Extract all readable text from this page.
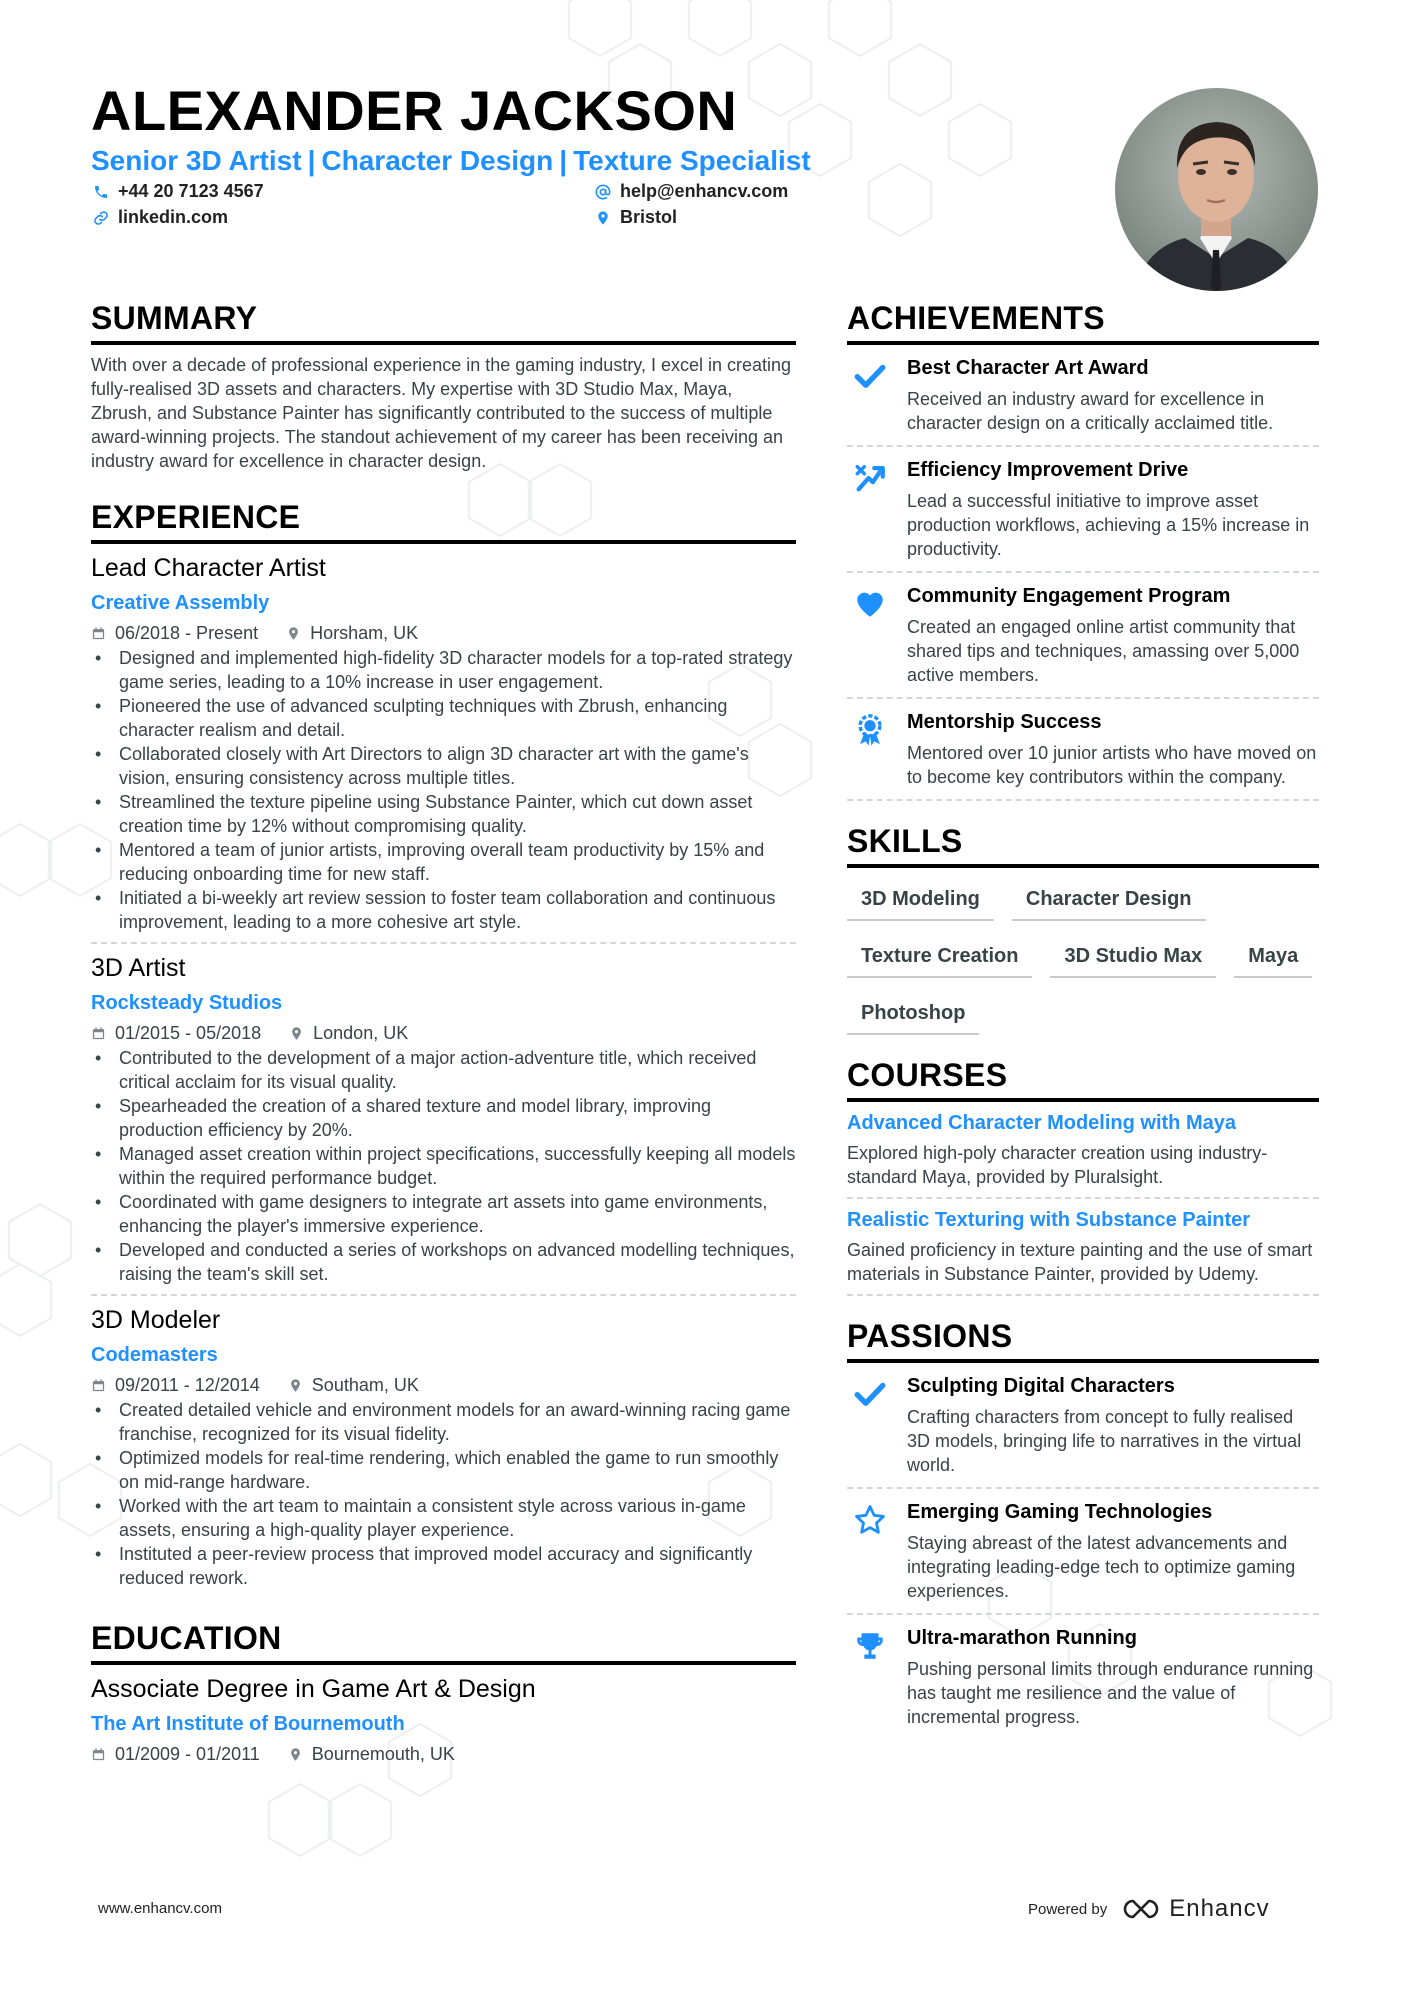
ALEXANDER JACKSON
Senior 3D Artist | Character Design | Texture Specialist
+44 20 7123 4567	help@enhancv.com
linkedin.com	Bristol
SUMMARY

With over a decade of professional experience in the gaming industry, I excel in creating fully-realised 3D assets and characters. My expertise with 3D Studio Max, Maya, Zbrush, and Substance Painter has significantly contributed to the success of multiple award-winning projects. The standout achievement of my career has been receiving an industry award for excellence in character design.

EXPERIENCE

Lead Character Artist

Creative Assembly

06/2018 - Present	Horsham, UK
• Designed and implemented high-fidelity 3D character models for a top-rated strategy game series, leading to a 10% increase in user engagement.
• Pioneered the use of advanced sculpting techniques with Zbrush, enhancing character realism and detail.
• Collaborated closely with Art Directors to align 3D character art with the game's vision, ensuring consistency across multiple titles.
• Streamlined the texture pipeline using Substance Painter, which cut down asset creation time by 12% without compromising quality.
• Mentored a team of junior artists, improving overall team productivity by 15% and reducing onboarding time for new staff.
• Initiated a bi-weekly art review session to foster team collaboration and continuous improvement, leading to a more cohesive art style.

3D Artist

Rocksteady Studios

01/2015 - 05/2018	London, UK
• Contributed to the development of a major action-adventure title, which received critical acclaim for its visual quality.
• Spearheaded the creation of a shared texture and model library, improving production efficiency by 20%.
• Managed asset creation within project specifications, successfully keeping all models within the required performance budget.
• Coordinated with game designers to integrate art assets into game environments, enhancing the player's immersive experience.
• Developed and conducted a series of workshops on advanced modelling techniques, raising the team's skill set.

3D Modeler

Codemasters

09/2011 - 12/2014	Southam, UK
• Created detailed vehicle and environment models for an award-winning racing game franchise, recognized for its visual fidelity.
• Optimized models for real-time rendering, which enabled the game to run smoothly on mid-range hardware.
• Worked with the art team to maintain a consistent style across various in-game assets, ensuring a high-quality player experience.
• Instituted a peer-review process that improved model accuracy and significantly reduced rework.
EDUCATION

Associate Degree in Game Art & Design

The Art Institute of Bournemouth

01/2009 - 01/2011	Bournemouth, UK
ACHIEVEMENTS
Best Character Art Award

Received an industry award for excellence in character design on a critically acclaimed title.

Efficiency Improvement Drive

Lead a successful initiative to improve asset production workflows, achieving a 15% increase in productivity.

Community Engagement Program

Created an engaged online artist community that shared tips and techniques, amassing over 5,000 active members.

Mentorship Success

Mentored over 10 junior artists who have moved on to become key contributors within the company.

SKILLS
3D Modeling	Character Design
Texture Creation	3D Studio Max	Maya
Photoshop
COURSES
Advanced Character Modeling with Maya

Explored high-poly character creation using industry-standard Maya, provided by Pluralsight.

Realistic Texturing with Substance Painter

Gained proficiency in texture painting and the use of smart materials in Substance Painter, provided by Udemy.

PASSIONS
Sculpting Digital Characters

Crafting characters from concept to fully realised 3D models, bringing life to narratives in the virtual world.

Emerging Gaming Technologies

Staying abreast of the latest advancements and integrating leading-edge tech to optimize gaming experiences.

Ultra-marathon Running

Pushing personal limits through endurance running has taught me resilience and the value of incremental progress.

www.enhancv.com	Powered by	Enhancv
